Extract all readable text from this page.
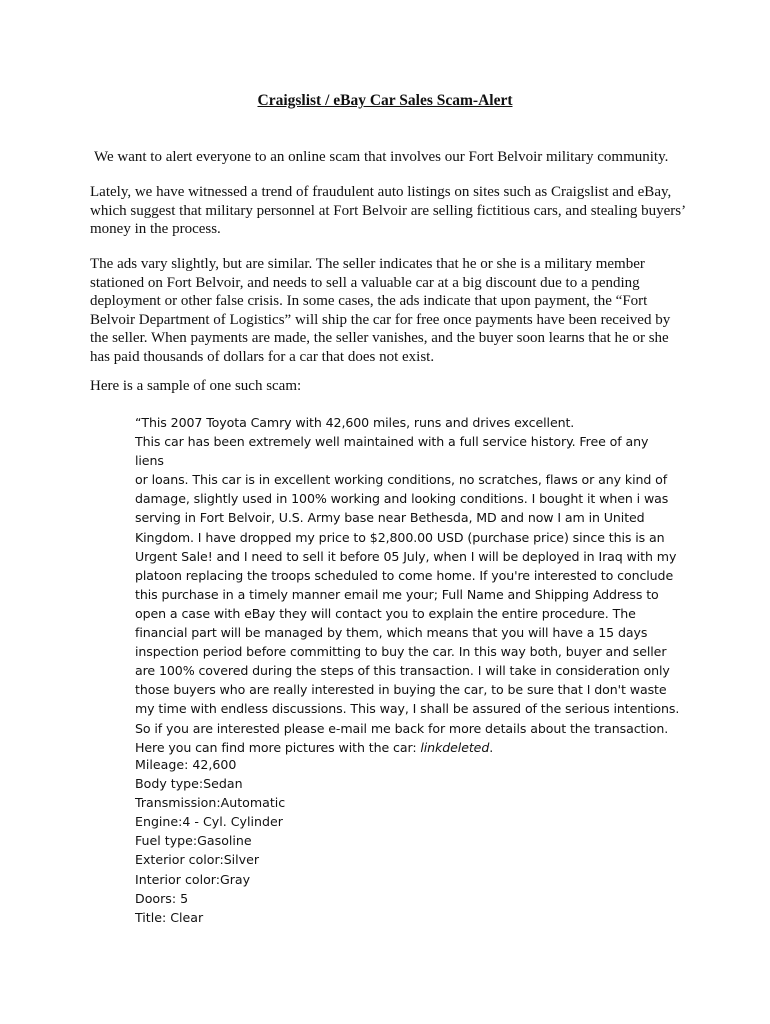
Craigslist / eBay Car Sales Scam-Alert

We want to alert everyone to an online scam that involves our Fort Belvoir military community.

Lately, we have witnessed a trend of fraudulent auto listings on sites such as Craigslist and eBay, which suggest that military personnel at Fort Belvoir are selling fictitious cars, and stealing buyers’ money in the process.

The ads vary slightly, but are similar. The seller indicates that he or she is a military member stationed on Fort Belvoir, and needs to sell a valuable car at a big discount due to a pending deployment or other false crisis. In some cases, the ads indicate that upon payment, the “Fort Belvoir Department of Logistics” will ship the car for free once payments have been received by the seller. When payments are made, the seller vanishes, and the buyer soon learns that he or she has paid thousands of dollars for a car that does not exist.

Here is a sample of one such scam:

“This 2007 Toyota Camry with 42,600 miles, runs and drives excellent.
This car has been extremely well maintained with a full service history. Free of any liens
or loans. This car is in excellent working conditions, no scratches, flaws or any kind of
damage, slightly used in 100% working and looking conditions. I bought it when i was
serving in Fort Belvoir, U.S. Army base near Bethesda, MD and now I am in United
Kingdom. I have dropped my price to $2,800.00 USD (purchase price) since this is an
Urgent Sale! and I need to sell it before 05 July, when I will be deployed in Iraq with my
platoon replacing the troops scheduled to come home. If you're interested to conclude
this purchase in a timely manner email me your; Full Name and Shipping Address to
open a case with eBay they will contact you to explain the entire procedure. The
financial part will be managed by them, which means that you will have a 15 days
inspection period before committing to buy the car. In this way both, buyer and seller
are 100% covered during the steps of this transaction. I will take in consideration only
those buyers who are really interested in buying the car, to be sure that I don't waste
my time with endless discussions. This way, I shall be assured of the serious intentions.
So if you are interested please e-mail me back for more details about the transaction.
Here you can find more pictures with the car: linkdeleted.
Mileage: 42,600
Body type:Sedan
Transmission:Automatic
Engine:4 - Cyl. Cylinder
Fuel type:Gasoline
Exterior color:Silver
Interior color:Gray
Doors: 5
Title: Clear
